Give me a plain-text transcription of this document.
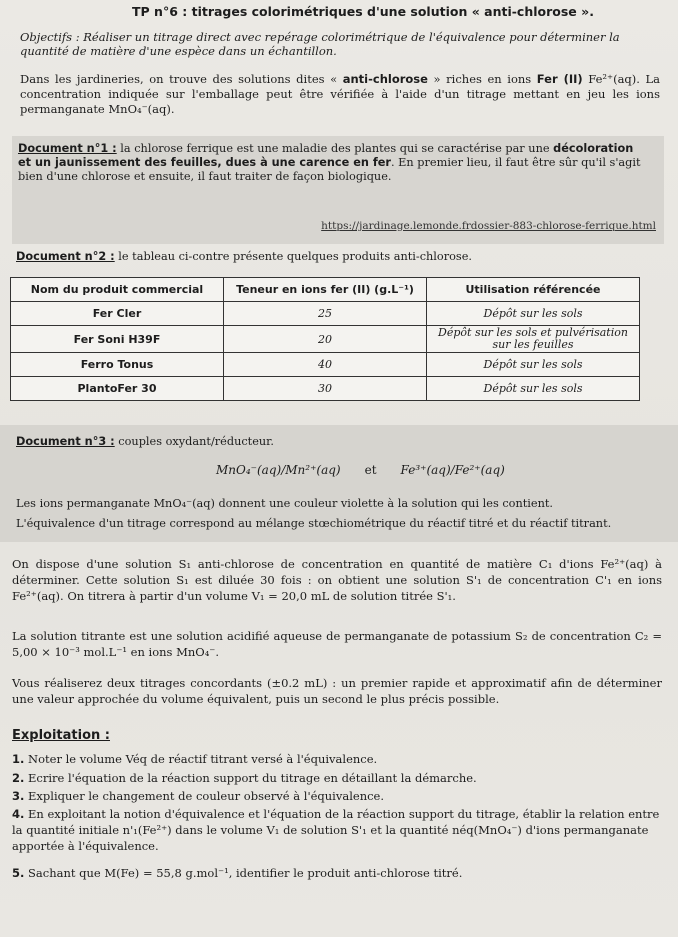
TP n°6 : titrages colorimétriques d'une solution « anti-chlorose ».
Objectifs : Réaliser un titrage direct avec repérage colorimétrique de l'équivalence pour déterminer la quantité de matière d'une espèce dans un échantillon.
Dans les jardineries, on trouve des solutions dites « anti-chlorose » riches en ions Fer (II) Fe²⁺(aq). La concentration indiquée sur l'emballage peut être vérifiée à l'aide d'un titrage mettant en jeu les ions permanganate MnO₄⁻(aq).
Document n°1 : la chlorose ferrique est une maladie des plantes qui se caractérise par une décoloration et un jaunissement des feuilles, dues à une carence en fer. En premier lieu, il faut être sûr qu'il s'agit bien d'une chlorose et ensuite, il faut traiter de façon biologique.
https://jardinage.lemonde.frdossier-883-chlorose-ferrique.html
Document n°2 : le tableau ci-contre présente quelques produits anti-chlorose.
Nom du produit commercial	Teneur en ions fer (II) (g.L⁻¹)	Utilisation référencée
Fer Cler	25	Dépôt sur les sols
Fer Soni H39F	20	Dépôt sur les sols et pulvérisation sur les feuilles
Ferro Tonus	40	Dépôt sur les sols
PlantoFer 30	30	Dépôt sur les sols
Document n°3 : couples oxydant/réducteur.
MnO₄⁻(aq)/Mn²⁺(aq) et Fe³⁺(aq)/Fe²⁺(aq)
Les ions permanganate MnO₄⁻(aq) donnent une couleur violette à la solution qui les contient.
L'équivalence d'un titrage correspond au mélange stœchiométrique du réactif titré et du réactif titrant.
On dispose d'une solution S₁ anti-chlorose de concentration en quantité de matière C₁ d'ions Fe²⁺(aq) à déterminer. Cette solution S₁ est diluée 30 fois : on obtient une solution S'₁ de concentration C'₁ en ions Fe²⁺(aq). On titrera à partir d'un volume V₁ = 20,0 mL de solution titrée S'₁.
La solution titrante est une solution acidifié aqueuse de permanganate de potassium S₂ de concentration C₂ = 5,00 × 10⁻³ mol.L⁻¹ en ions MnO₄⁻.
Vous réaliserez deux titrages concordants (±0.2 mL) : un premier rapide et approximatif afin de déterminer une valeur approchée du volume équivalent, puis un second le plus précis possible.
Exploitation :
1. Noter le volume Véq de réactif titrant versé à l'équivalence.
2. Ecrire l'équation de la réaction support du titrage en détaillant la démarche.
3. Expliquer le changement de couleur observé à l'équivalence.
4. En exploitant la notion d'équivalence et l'équation de la réaction support du titrage, établir la relation entre la quantité initiale n'₁(Fe²⁺) dans le volume V₁ de solution S'₁ et la quantité néq(MnO₄⁻) d'ions permanganate apportée à l'équivalence.
5. Sachant que M(Fe) = 55,8 g.mol⁻¹, identifier le produit anti-chlorose titré.
